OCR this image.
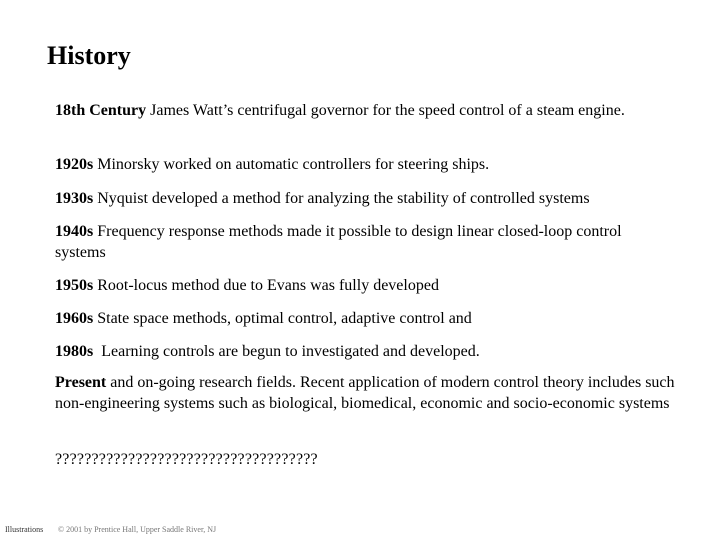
History
18th Century James Watt’s centrifugal governor for the speed control of a steam engine.
1920s Minorsky worked on automatic controllers for steering ships.
1930s Nyquist developed a method for analyzing the stability of controlled systems
1940s Frequency response methods made it possible to design linear closed-loop control systems
1950s Root-locus method due to Evans was fully developed
1960s State space methods, optimal control, adaptive control and
1980s  Learning controls are begun to investigated and developed.
Present and on-going research fields. Recent application of modern control theory includes such non-engineering systems such as biological, biomedical, economic and socio-economic systems
????????????????????????????????????
Illustrations © 2001 by Prentice Hall, Upper Saddle River, NJ
